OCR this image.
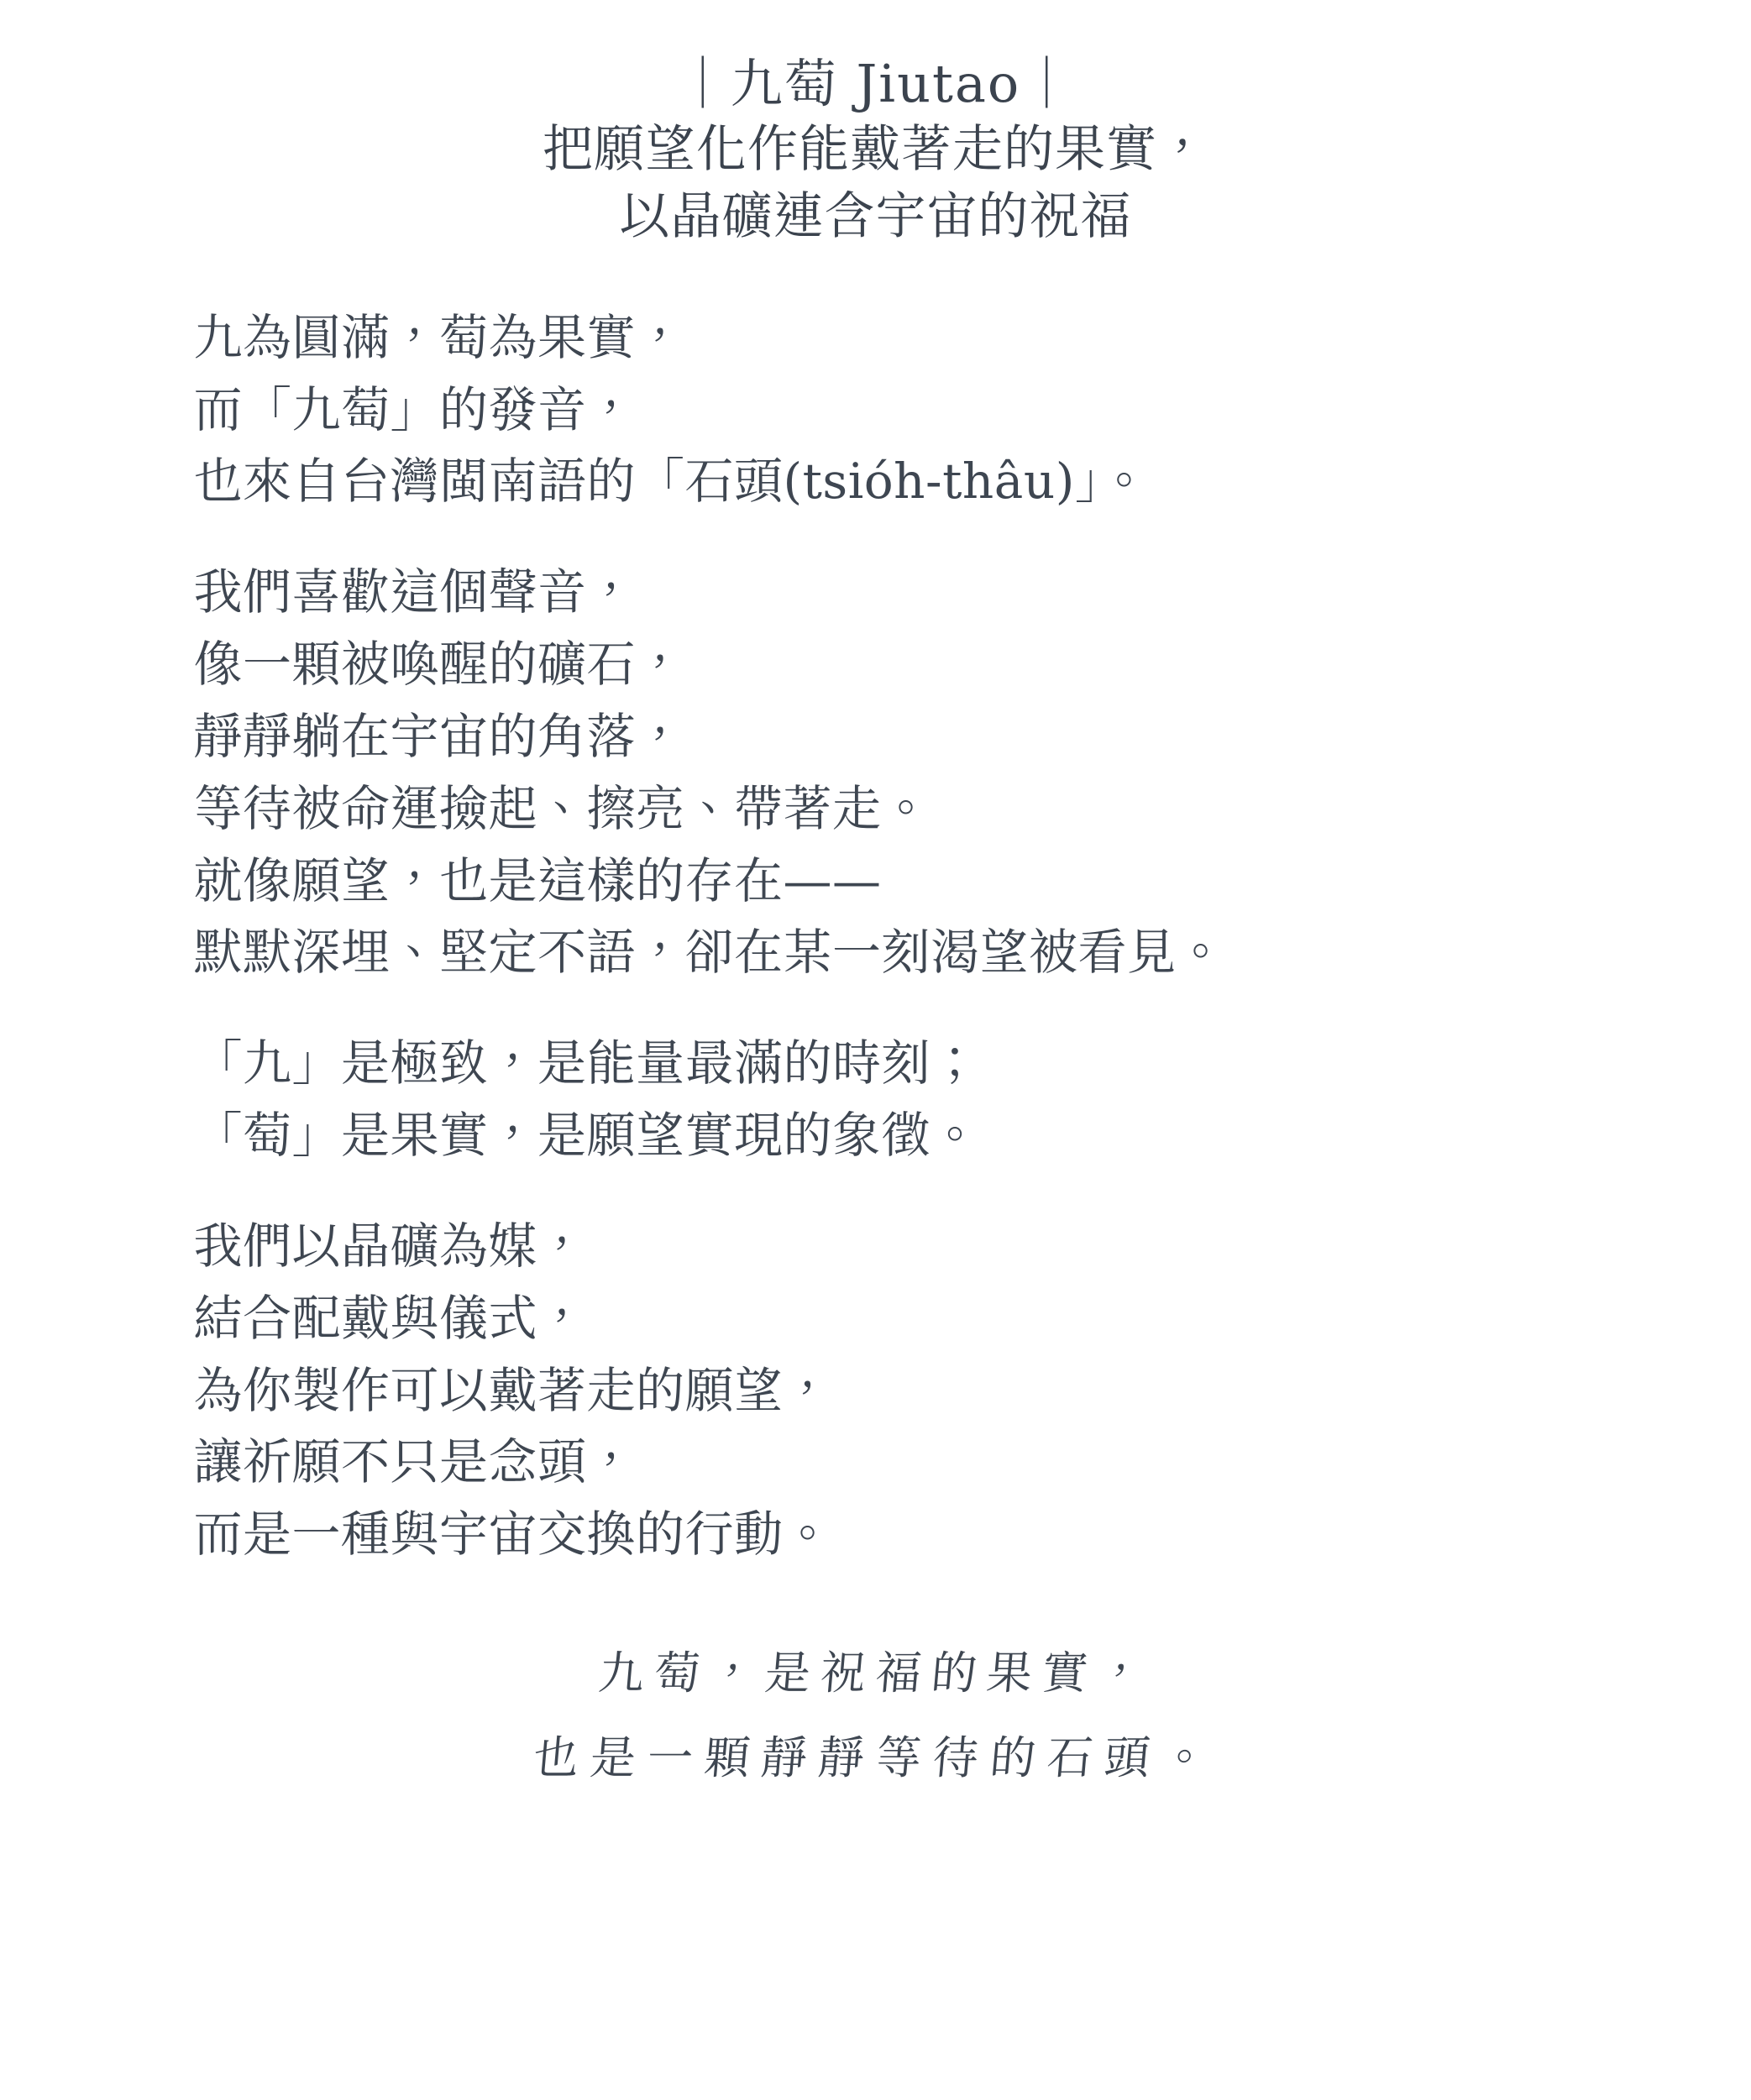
｜九萄 Jiutao｜
把願望化作能戴著走的果實，
以晶礦連含宇宙的祝福
九為圓滿，萄為果實，
而「九萄」的發音，
也來自台灣閩南語的「石頭(tsióh-thâu)」。
我們喜歡這個聲音，
像一顆被喚醒的礦石，
靜靜躺在宇宙的角落，
等待被命運撿起、擦亮、帶著走。
就像願望，也是這樣的存在——
默默深埋、堅定不語，卻在某一刻渴望被看見。
「九」是極致，是能量最滿的時刻；
「萄」是果實，是願望實現的象徵。
我們以晶礦為媒，
結合配戴與儀式，
為你製作可以戴著走的願望，
讓祈願不只是念頭，
而是一種與宇宙交換的行動。
九萄，是祝福的果實，
也是一顆靜靜等待的石頭。
